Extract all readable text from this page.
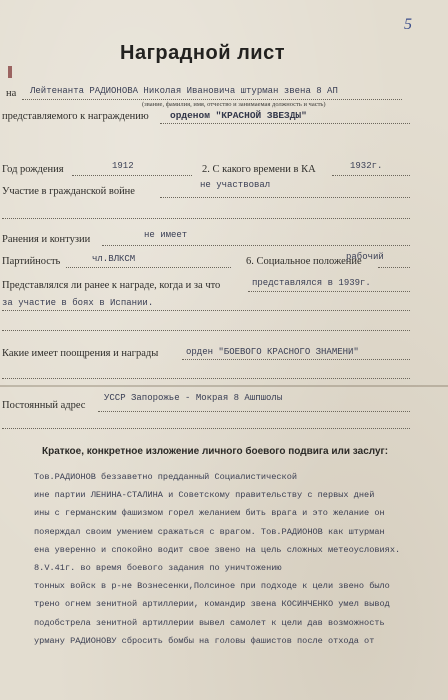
5
Наградной лист
на Лейтенанта РАДИОНОВА Николая Ивановича штурман звена 8 АП
(звание, фамилия, имя, отчество и занимаемая должность и часть)
представляемого к награждению орденом "КРАСНОЙ ЗВЕЗДЫ"
Год рождения	1912	2. С какого времени в КА	1932г.
Участие в гражданской войне
не участвовал
Ранения и контузии	не имеет
Партийность	чл.ВЛКСМ	6. Социальное положение
рабочий
Представлялся ли ранее к награде, когда и за что	представлялся в 1939г.
за участие в боях в Испании.
Какие имеет поощрения и награды	орден "БОЕВОГО КРАСНОГО ЗНАМЕНИ"
Постоянный адрес
УССР Запорожье - Мокрая 8 Ашпшолы
Краткое, конкретное изложение личного боевого подвига или заслуг:
Тов.РАДИОНОВ беззаветно предданный Социалистической
ине партии ЛЕНИНА-СТАЛИНА и Советскому правительству с первых дней
ины с германским фашизмом горел желанием бить врага и это желание он
пояерждал своим умением сражаться с врагом. Тов.РАДИОНОВ как штурман
ена уверенно и спокойно водит свое звено на цель сложных метеоусловиях.
8.V.41г. во время боевого задания по уничтожению
тонных войск в р-не Вознесенки,Полсиное при подходе к цели звено было
трено огнем зенитной артиллерии, командир звена КОСИНЧЕНКО умел вывод
подобстрела зенитной артиллерии вывел самолет к цели дав возможность
урману РАДИОНОВУ сбросить бомбы на головы фашистов после отхода от
